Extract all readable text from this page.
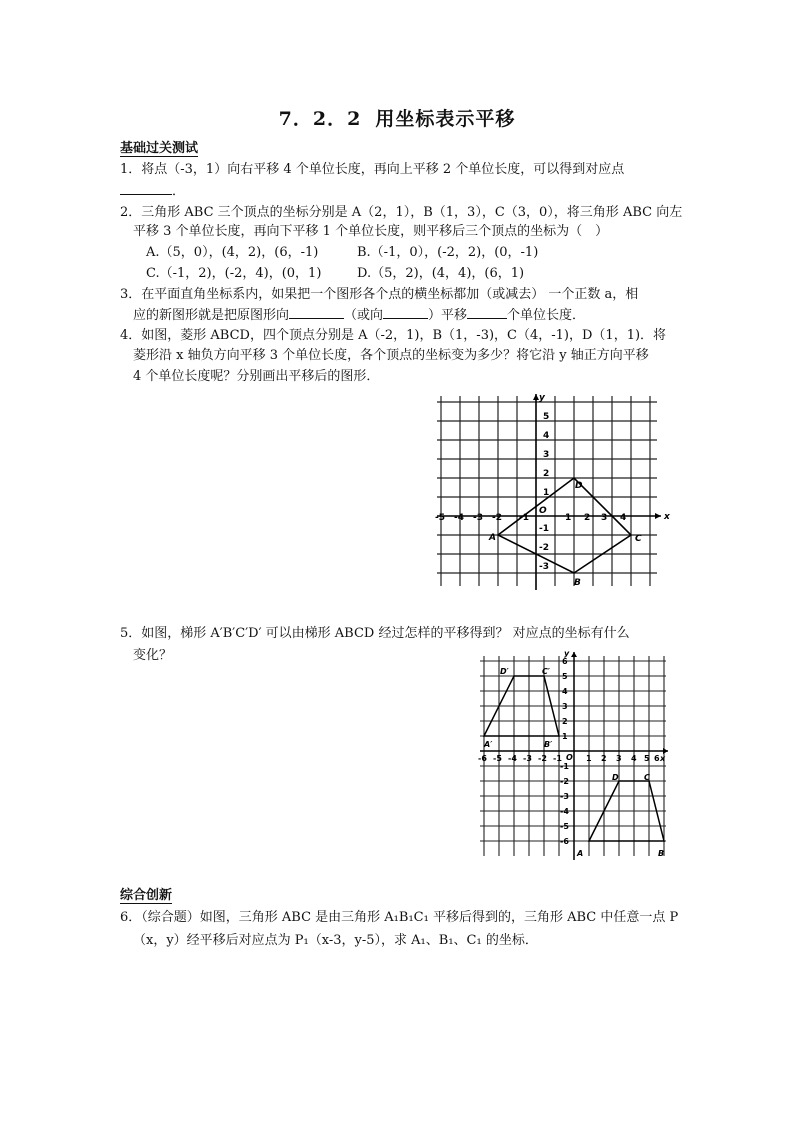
7．2．2 用坐标表示平移
基础过关测试
1．将点（-3，1）向右平移 4 个单位长度，再向上平移 2 个单位长度，可以得到对应点
．
2．三角形 ABC 三个顶点的坐标分别是 A（2，1），B（1，3），C（3，0），将三角形 ABC 向左
平移 3 个单位长度，再向下平移 1 个单位长度，则平移后三个顶点的坐标为（　）
A.（5，0），(4，2)，(6，-1)	B.（-1，0），(-2，2)，(0，-1)
C.（-1，2)，(-2，4)，(0，1)	D.（5，2)，(4，4)，(6，1)
3．在平面直角坐标系内，如果把一个图形各个点的横坐标都加（或减去） 一个正数 a，相
应的新图形就是把原图形向	（或向	）平移	个单位长度．
4．如图，菱形 ABCD，四个顶点分别是 A（-2，1)，B（1，-3)，C（4，-1)，D（1，1)．将
菱形沿 x 轴负方向平移 3 个单位长度，各个顶点的坐标变为多少？将它沿 y 轴正方向平移
4 个单位长度呢？分别画出平移后的图形．
x
y
O
-5 -4 -3 -2 -1	1 2 3 4
5
4
3
2
1
-1
-2
-3
A
B
C
D
5．如图，梯形 A′B′C′D′ 可以由梯形 ABCD 经过怎样的平移得到？ 对应点的坐标有什么
变化？
x
y
O
-6 -5 -4 -3 -2 -1	1 2 3 4 5 6
6
5
4
3
2
1
-1
-2
-3
-4
-5
-6
A′	B′
C′
D′
A	B
C
D
综合创新
6．（综合题）如图，三角形 ABC 是由三角形 A₁B₁C₁ 平移后得到的，三角形 ABC 中任意一点 P
（x，y）经平移后对应点为 P₁（x-3，y-5），求 A₁、B₁、C₁ 的坐标．
